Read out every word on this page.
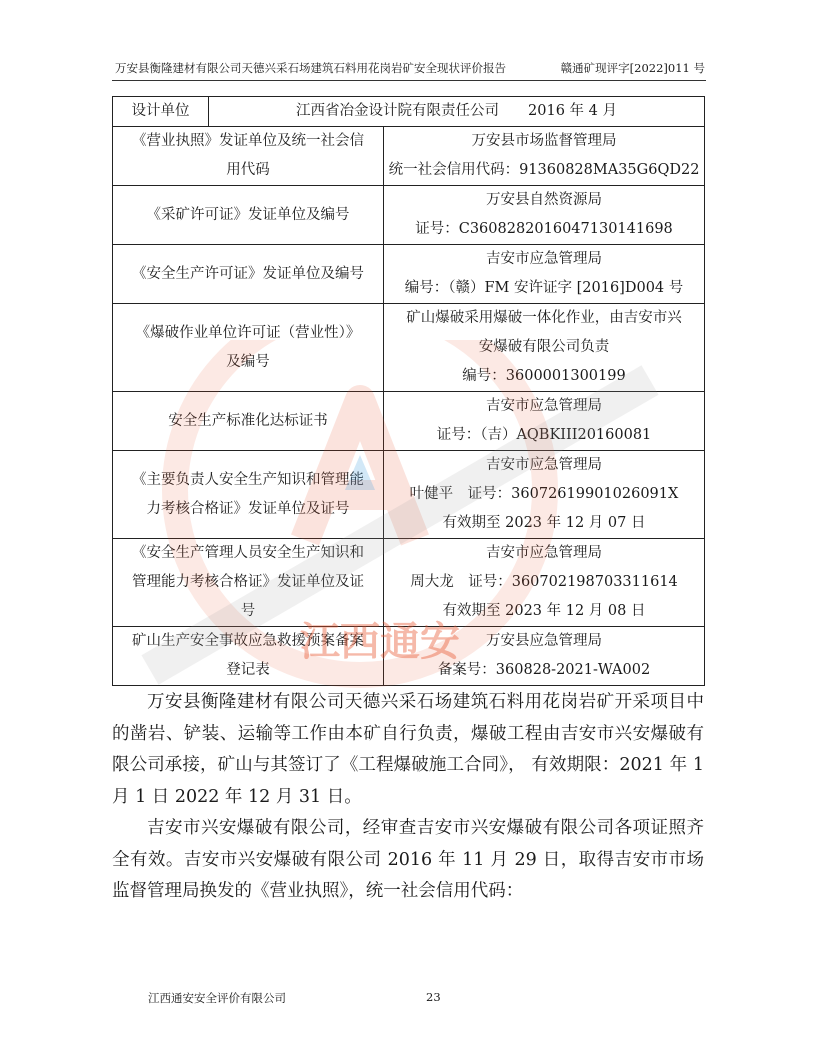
万安县衡隆建材有限公司天德兴采石场建筑石料用花岗岩矿安全现状评价报告	赣通矿现评字[2022]011 号
设计单位	江西省冶金设计院有限责任公司　　2016 年 4 月	

《营业执照》发证单位及统一社会信
用代码		万安县市场监督管理局
统一社会信用代码：91360828MA35G6QD22

《采矿许可证》发证单位及编号		万安县自然资源局
证号：C3608282016047130141698

《安全生产许可证》发证单位及编号		吉安市应急管理局
编号：（赣）FM 安许证字 [2016]D004 号

《爆破作业单位许可证（营业性）》
及编号		矿山爆破采用爆破一体化作业，由吉安市兴
安爆破有限公司负责
编号：3600001300199

安全生产标准化达标证书		吉安市应急管理局
证号：（吉）AQBKIII20160081

《主要负责人安全生产知识和管理能
力考核合格证》发证单位及证号		吉安市应急管理局
叶健平　证号：36072619901026091X
有效期至 2023 年 12 月 07 日

《安全生产管理人员安全生产知识和
管理能力考核合格证》发证单位及证
号		吉安市应急管理局
周大龙　证号：360702198703311614
有效期至 2023 年 12 月 08 日

矿山生产安全事故应急救援预案备案
登记表		万安县应急管理局
备案号：360828-2021-WA002

万安县衡隆建材有限公司天德兴采石场建筑石料用花岗岩矿开采项目中的凿岩、铲装、运输等工作由本矿自行负责，爆破工程由吉安市兴安爆破有限公司承接，矿山与其签订了《工程爆破施工合同》， 有效期限：2021 年 1 月 1 日 2022 年 12 月 31 日。

吉安市兴安爆破有限公司，经审查吉安市兴安爆破有限公司各项证照齐全有效。吉安市兴安爆破有限公司 2016 年 11 月 29 日，取得吉安市市场监督管理局换发的《营业执照》，统一社会信用代码：

江西通安
江西通安安全评价有限公司	23
